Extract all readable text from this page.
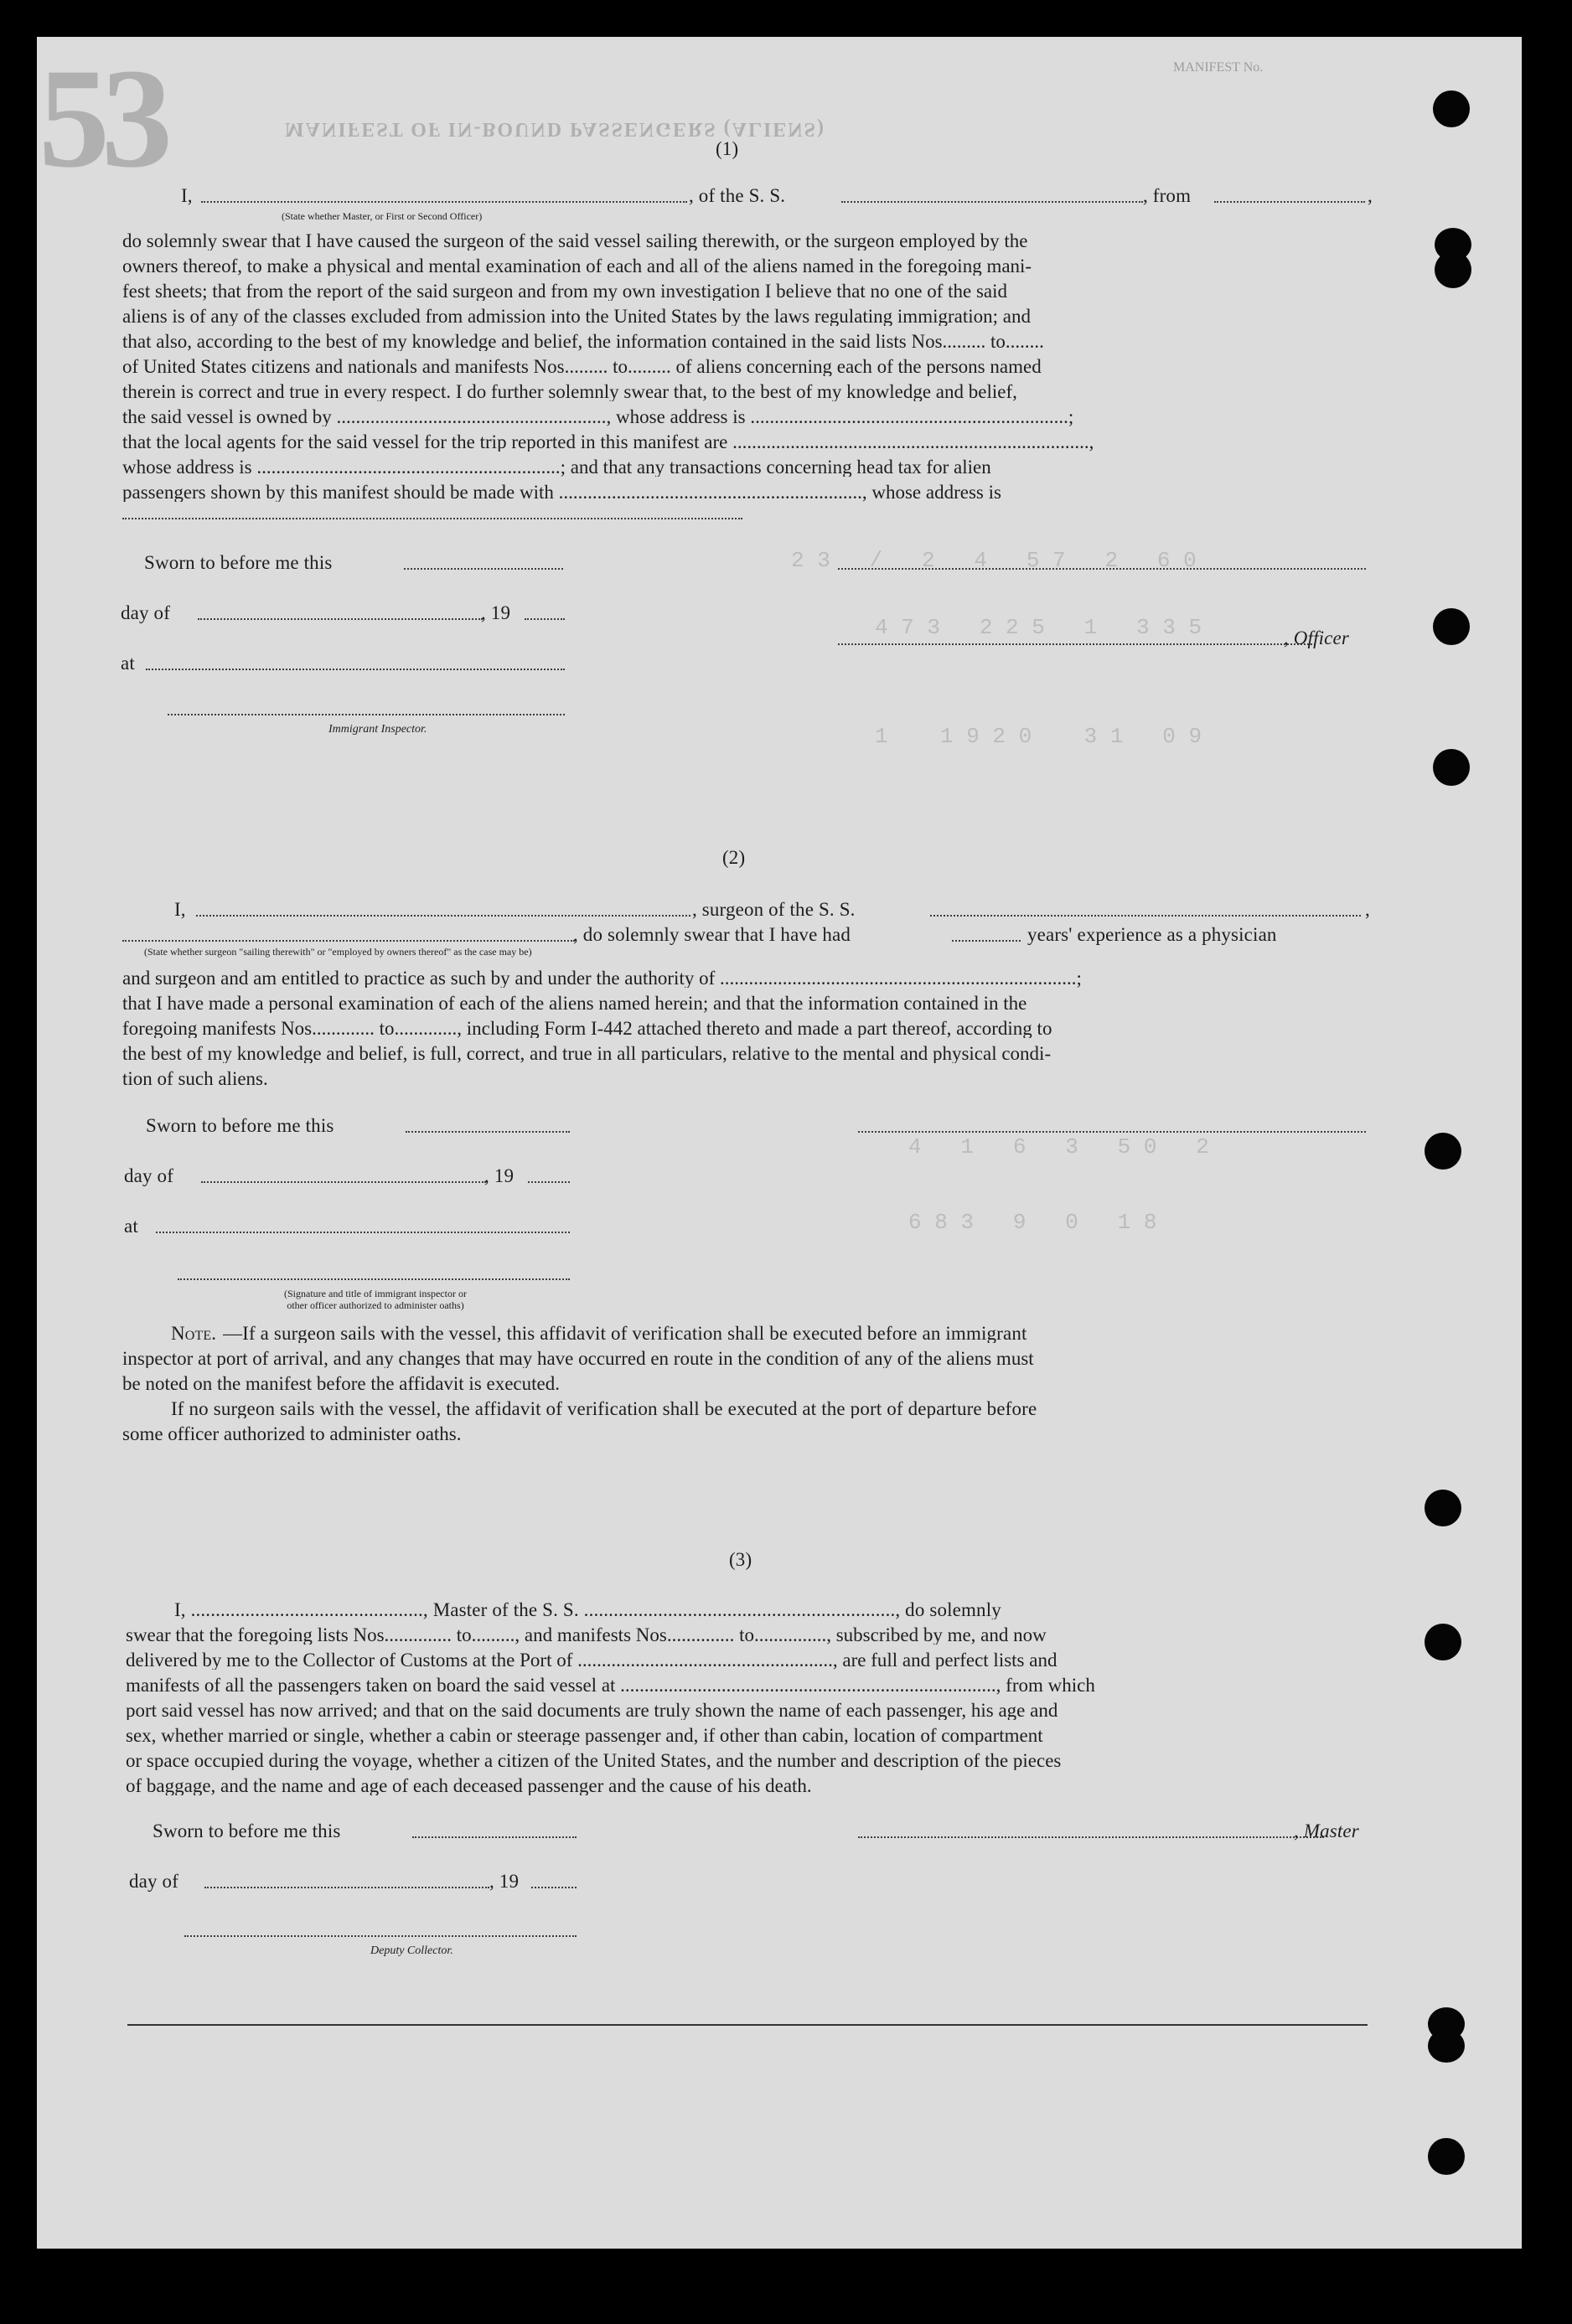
53	MANIFEST No.
MANIFEST OF IN-BOUND PASSENGERS (ALIENS)
2 3   /   2   4   5 7   2   6 0
4 7 3   2 2 5   1   3 3 5
1    1 9 2 0    3 1   0 9
4   1   6   3   5 0   2
6 8 3   9   0   1 8
(1)
I,	, of the S. S.	, from	,
(State whether Master, or First or Second Officer)
do solemnly swear that I have caused the surgeon of the said vessel sailing therewith, or the surgeon employed by the
owners thereof, to make a physical and mental examination of each and all of the aliens named in the foregoing mani-
fest sheets; that from the report of the said surgeon and from my own investigation I believe that no one of the said
aliens is of any of the classes excluded from admission into the United States by the laws regulating immigration; and
that also, according to the best of my knowledge and belief, the information contained in the said lists Nos......... to........
of United States citizens and nationals and manifests Nos......... to......... of aliens concerning each of the persons named
therein is correct and true in every respect. I do further solemnly swear that, to the best of my knowledge and belief,
the said vessel is owned by ........................................................, whose address is ..................................................................;
that the local agents for the said vessel for the trip reported in this manifest are ..........................................................................,
whose address is ...............................................................; and that any transactions concerning head tax for alien
passengers shown by this manifest should be made with ..............................................................., whose address is
Sworn to before me this
day of	, 19
at
, Officer
Immigrant Inspector.
(2)
I,	, surgeon of the S. S.	,
, do solemnly swear that I have had	years' experience as a physician
(State whether surgeon "sailing therewith" or "employed by owners thereof" as the case may be)
and surgeon and am entitled to practice as such by and under the authority of ..........................................................................;
that I have made a personal examination of each of the aliens named herein; and that the information contained in the
foregoing manifests Nos............. to............., including Form I-442 attached thereto and made a part thereof, according to
the best of my knowledge and belief, is full, correct, and true in all particulars, relative to the mental and physical condi-
tion of such aliens.
Sworn to before me this
day of	, 19
at
(Signature and title of immigrant inspector or
other officer authorized to administer oaths)
Note. —If a surgeon sails with the vessel, this affidavit of verification shall be executed before an immigrant
inspector at port of arrival, and any changes that may have occurred en route in the condition of any of the aliens must
be noted on the manifest before the affidavit is executed.
If no surgeon sails with the vessel, the affidavit of verification shall be executed at the port of departure before
some officer authorized to administer oaths.
(3)
I, ..............................................., Master of the S. S. ..............................................................., do solemnly
swear that the foregoing lists Nos.............. to........., and manifests Nos.............. to..............., subscribed by me, and now
delivered by me to the Collector of Customs at the Port of ....................................................., are full and perfect lists and
manifests of all the passengers taken on board the said vessel at .............................................................................., from which
port said vessel has now arrived; and that on the said documents are truly shown the name of each passenger, his age and
sex, whether married or single, whether a cabin or steerage passenger and, if other than cabin, location of compartment
or space occupied during the voyage, whether a citizen of the United States, and the number and description of the pieces
of baggage, and the name and age of each deceased passenger and the cause of his death.
Sworn to before me this	, Master
day of	, 19
Deputy Collector.
